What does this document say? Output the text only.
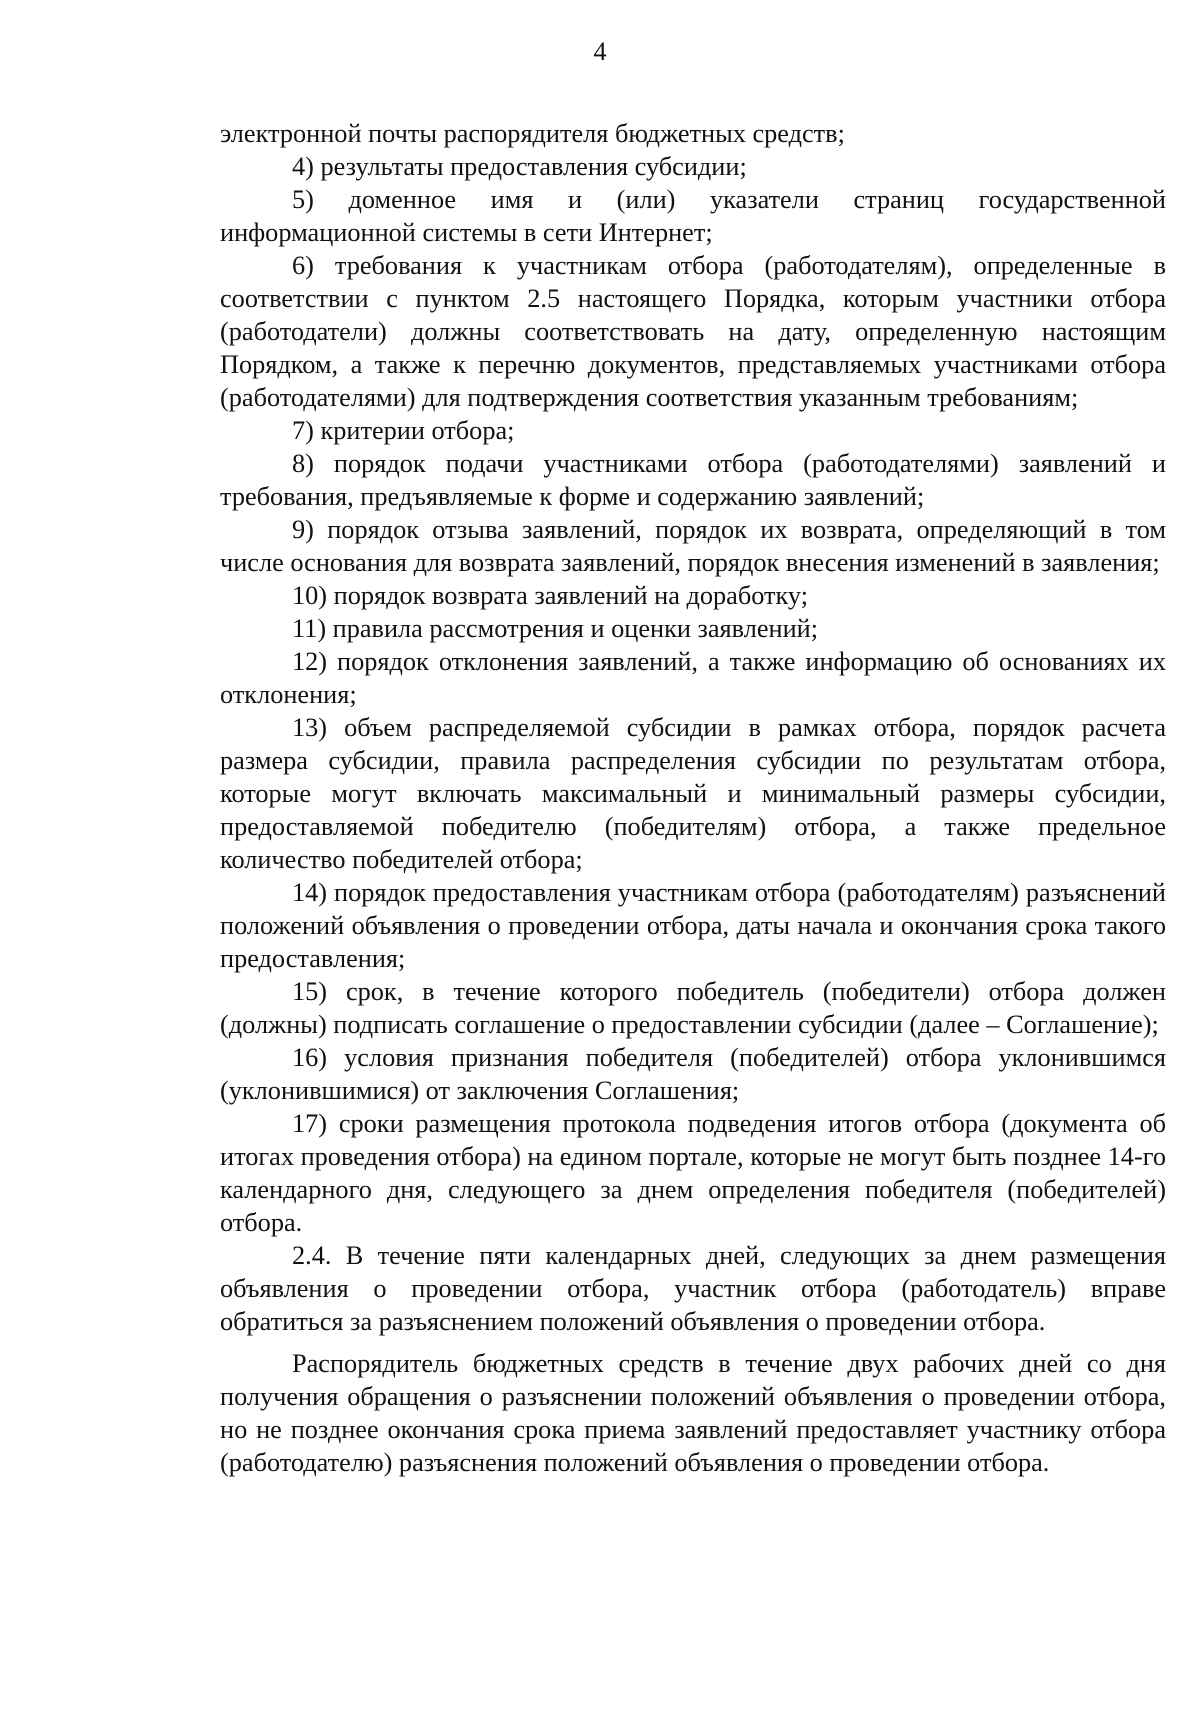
4

электронной почты распорядителя бюджетных средств;

4) результаты предоставления субсидии;

5) доменное имя и (или) указатели страниц государственной информационной системы в сети Интернет;

6) требования к участникам отбора (работодателям), определенные в соответствии с пунктом 2.5 настоящего Порядка, которым участники отбора (работодатели) должны соответствовать на дату, определенную настоящим Порядком, а также к перечню документов, представляемых участниками отбора (работодателями) для подтверждения соответствия указанным требованиям;

7) критерии отбора;

8) порядок подачи участниками отбора (работодателями) заявлений и требования, предъявляемые к форме и содержанию заявлений;

9) порядок отзыва заявлений, порядок их возврата, определяющий в том числе основания для возврата заявлений, порядок внесения изменений в заявления;

10) порядок возврата заявлений на доработку;

11) правила рассмотрения и оценки заявлений;

12) порядок отклонения заявлений, а также информацию об основаниях их отклонения;

13) объем распределяемой субсидии в рамках отбора, порядок расчета размера субсидии, правила распределения субсидии по результатам отбора, которые могут включать максимальный и минимальный размеры субсидии, предоставляемой победителю (победителям) отбора, а также предельное количество победителей отбора;

14) порядок предоставления участникам отбора (работодателям) разъяснений положений объявления о проведении отбора, даты начала и окончания срока такого предоставления;

15) срок, в течение которого победитель (победители) отбора должен (должны) подписать соглашение о предоставлении субсидии (далее – Соглашение);

16) условия признания победителя (победителей) отбора уклонившимся (уклонившимися) от заключения Соглашения;

17) сроки размещения протокола подведения итогов отбора (документа об итогах проведения отбора) на едином портале, которые не могут быть позднее 14-го календарного дня, следующего за днем определения победителя (победителей) отбора.

2.4. В течение пяти календарных дней, следующих за днем размещения объявления о проведении отбора, участник отбора (работодатель) вправе обратиться за разъяснением положений объявления о проведении отбора.

Распорядитель бюджетных средств в течение двух рабочих дней со дня получения обращения о разъяснении положений объявления о проведении отбора, но не позднее окончания срока приема заявлений предоставляет участнику отбора (работодателю) разъяснения положений объявления о проведении отбора.
